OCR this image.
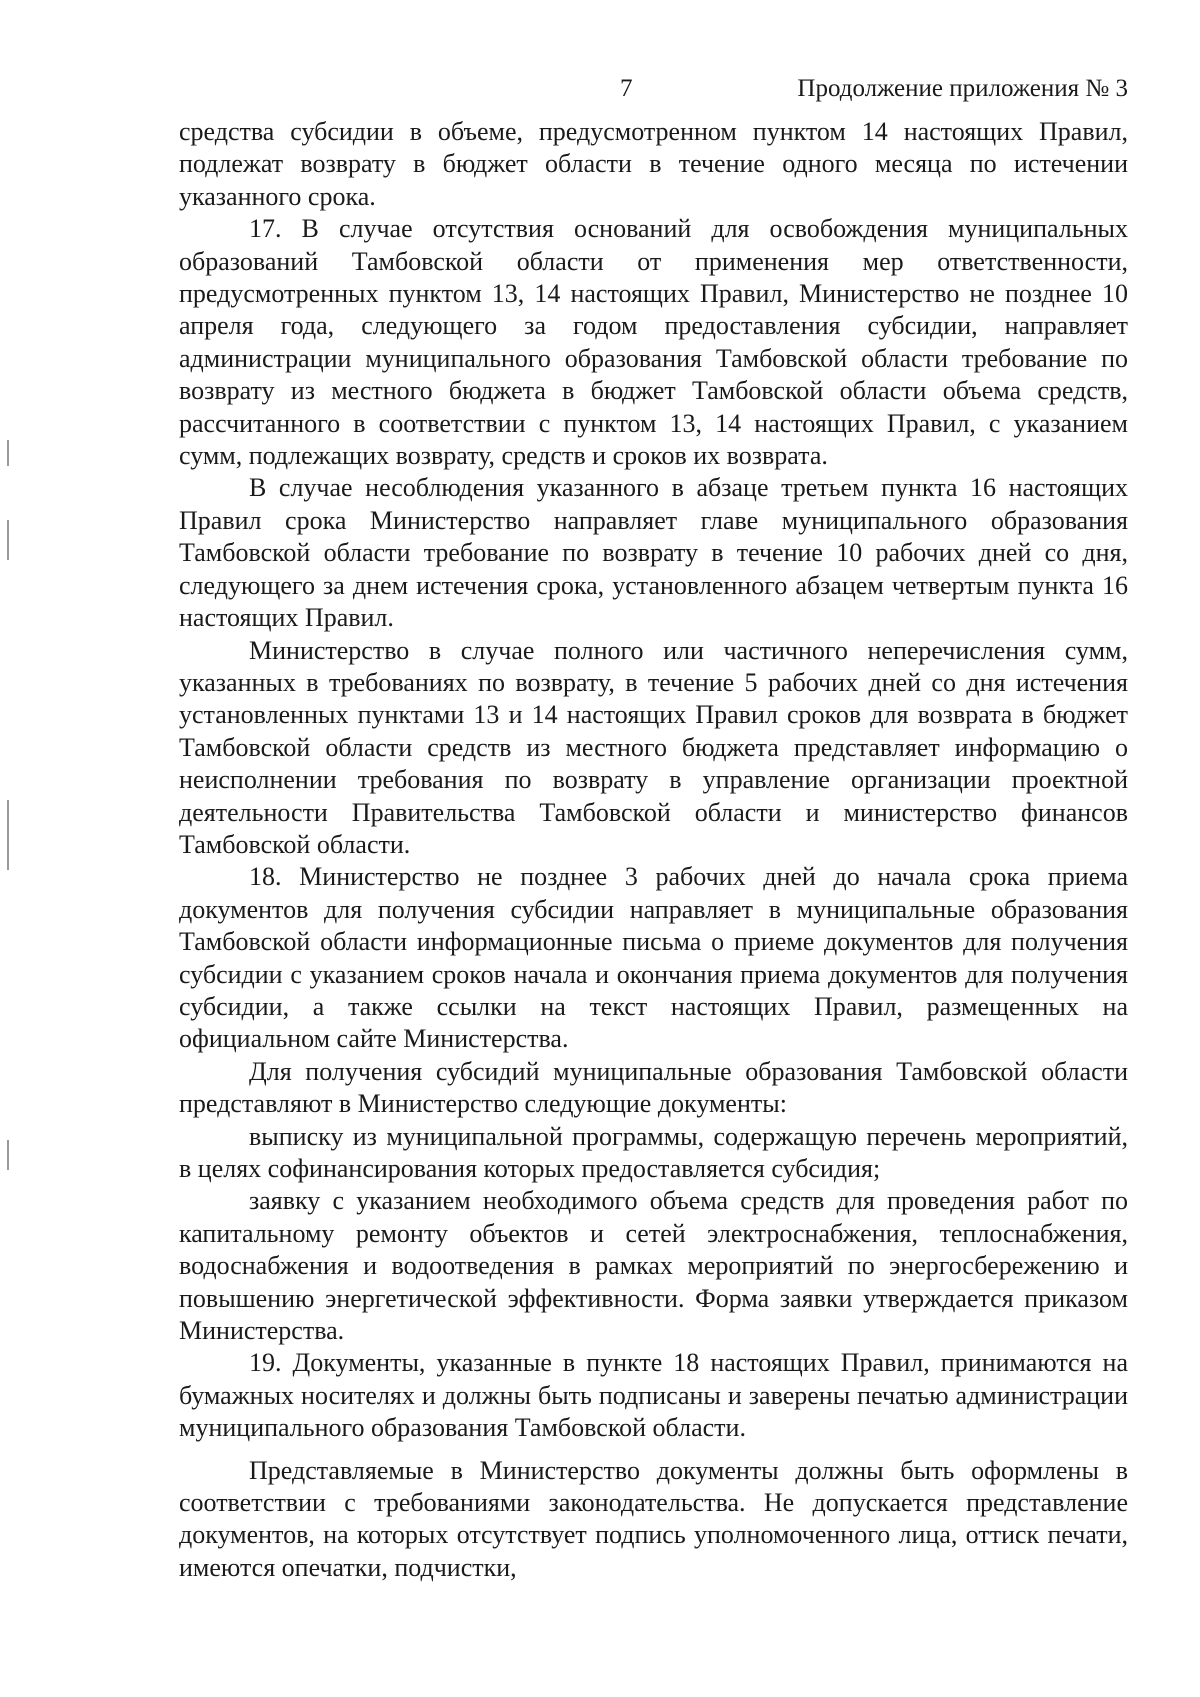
7	Продолжение приложения № 3

средства субсидии в объеме, предусмотренном пунктом 14 настоящих Правил, подлежат возврату в бюджет области в течение одного месяца по истечении указанного срока.

17. В случае отсутствия оснований для освобождения муниципальных образований Тамбовской области от применения мер ответственности, предусмотренных пунктом 13, 14 настоящих Правил, Министерство не позднее 10 апреля года, следующего за годом предоставления субсидии, направляет администрации муниципального образования Тамбовской области требование по возврату из местного бюджета в бюджет Тамбовской области объема средств, рассчитанного в соответствии с пунктом 13, 14 настоящих Правил, с указанием сумм, подлежащих возврату, средств и сроков их возврата.

В случае несоблюдения указанного в абзаце третьем пункта 16 настоящих Правил срока Министерство направляет главе муниципального образования Тамбовской области требование по возврату в течение 10 рабочих дней со дня, следующего за днем истечения срока, установленного абзацем четвертым пункта 16 настоящих Правил.

Министерство в случае полного или частичного неперечисления сумм, указанных в требованиях по возврату, в течение 5 рабочих дней со дня истечения установленных пунктами 13 и 14 настоящих Правил сроков для возврата в бюджет Тамбовской области средств из местного бюджета представляет информацию о неисполнении требования по возврату в управление организации проектной деятельности Правительства Тамбовской области и министерство финансов Тамбовской области.

18. Министерство не позднее 3 рабочих дней до начала срока приема документов для получения субсидии направляет в муниципальные образования Тамбовской области информационные письма о приеме документов для получения субсидии с указанием сроков начала и окончания приема документов для получения субсидии, а также ссылки на текст настоящих Правил, размещенных на официальном сайте Министерства.

Для получения субсидий муниципальные образования Тамбовской области представляют в Министерство следующие документы:

выписку из муниципальной программы, содержащую перечень мероприятий, в целях софинансирования которых предоставляется субсидия;

заявку с указанием необходимого объема средств для проведения работ по капитальному ремонту объектов и сетей электроснабжения, теплоснабжения, водоснабжения и водоотведения в рамках мероприятий по энергосбережению и повышению энергетической эффективности. Форма заявки утверждается приказом Министерства.

19. Документы, указанные в пункте 18 настоящих Правил, принимаются на бумажных носителях и должны быть подписаны и заверены печатью администрации муниципального образования Тамбовской области.

Представляемые в Министерство документы должны быть оформлены в соответствии с требованиями законодательства. Не допускается представление документов, на которых отсутствует подпись уполномоченного лица, оттиск печати, имеются опечатки, подчистки,
